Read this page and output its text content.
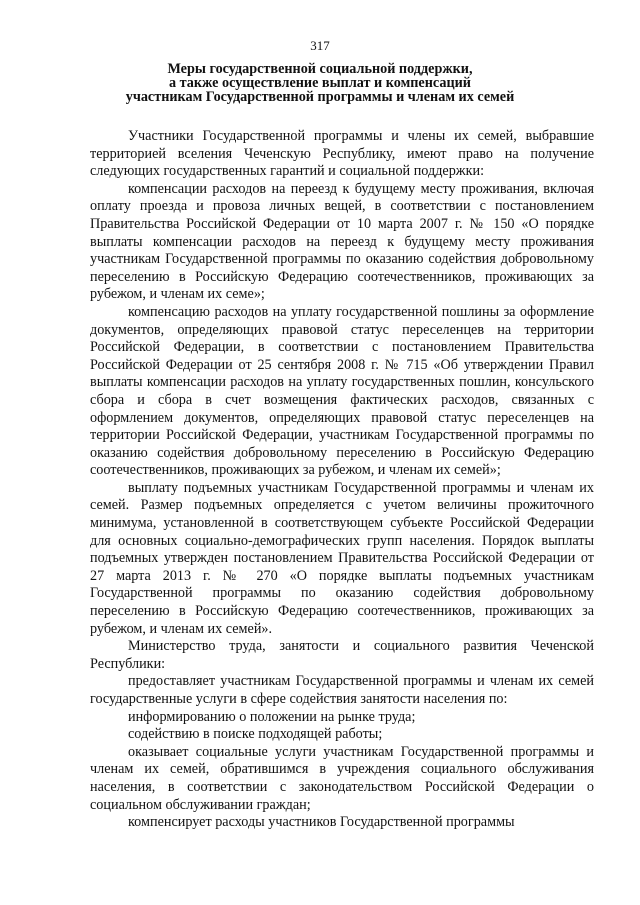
317
Меры государственной социальной поддержки,
а также осуществление выплат и компенсаций
участникам Государственной программы и членам их семей

Участники Государственной программы и члены их семей, выбравшие территорией вселения Чеченскую Республику, имеют право на получение следующих государственных гарантий и социальной поддержки:

компенсации расходов на переезд к будущему месту проживания, включая оплату проезда и провоза личных вещей, в соответствии с постановлением Правительства Российской Федерации от 10 марта 2007 г. № 150 «О порядке выплаты компенсации расходов на переезд к будущему месту проживания участникам Государственной программы по оказанию содействия добровольному переселению в Российскую Федерацию соотечественников, проживающих за рубежом, и членам их семе»;

компенсацию расходов на уплату государственной пошлины за оформление документов, определяющих правовой статус переселенцев на территории Российской Федерации, в соответствии с постановлением Правительства Российской Федерации от 25 сентября 2008 г. № 715 «Об утверждении Правил выплаты компенсации расходов на уплату государственных пошлин, консульского сбора и сбора в счет возмещения фактических расходов, связанных с оформлением документов, определяющих правовой статус переселенцев на территории Российской Федерации, участникам Государственной программы по оказанию содействия добровольному переселению в Российскую Федерацию соотечественников, проживающих за рубежом, и членам их семей»;

выплату подъемных участникам Государственной программы и членам их семей. Размер подъемных определяется с учетом величины прожиточного минимума, установленной в соответствующем субъекте Российской Федерации для основных социально-демографических групп населения. Порядок выплаты подъемных утвержден постановлением Правительства Российской Федерации от 27 марта 2013 г. № 270 «О порядке выплаты подъемных участникам Государственной программы по оказанию содействия добровольному переселению в Российскую Федерацию соотечественников, проживающих за рубежом, и членам их семей».

Министерство труда, занятости и социального развития Чеченской Республики:

предоставляет участникам Государственной программы и членам их семей государственные услуги в сфере содействия занятости населения по:

информированию о положении на рынке труда;

содействию в поиске подходящей работы;

оказывает социальные услуги участникам Государственной программы и членам их семей, обратившимся в учреждения социального обслуживания населения, в соответствии с законодательством Российской Федерации о социальном обслуживании граждан;

компенсирует расходы участников Государственной программы
